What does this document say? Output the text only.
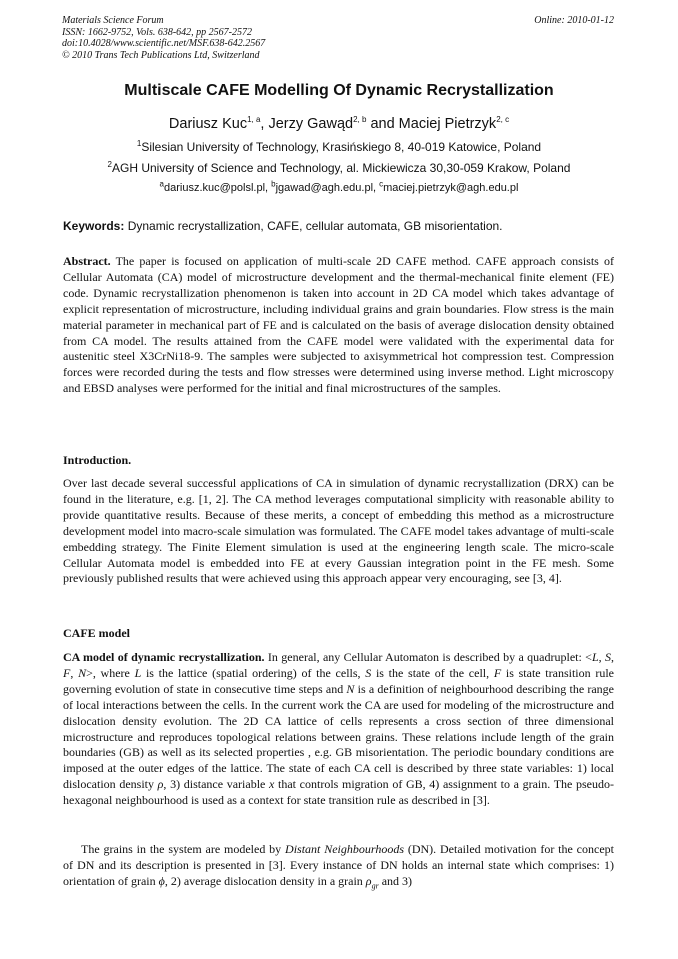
Materials Science Forum
ISSN: 1662-9752, Vols. 638-642, pp 2567-2572
doi:10.4028/www.scientific.net/MSF.638-642.2567
© 2010 Trans Tech Publications Ltd, Switzerland
Online: 2010-01-12
Multiscale CAFE Modelling Of Dynamic Recrystallization
Dariusz Kuc$^{1, a}$, Jerzy Gawąd$^{2, b}$ and Maciej Pietrzyk$^{2, c}$
$^1$Silesian University of Technology, Krasińskiego 8, 40-019 Katowice, Poland
$^2$AGH University of Science and Technology, al. Mickiewicza 30,30-059 Krakow, Poland
$^a$dariusz.kuc@polsl.pl, $^b$jgawad@agh.edu.pl, $^c$maciej.pietrzyk@agh.edu.pl
Keywords: Dynamic recrystallization, CAFE, cellular automata, GB misorientation.
Abstract. The paper is focused on application of multi-scale 2D CAFE method. CAFE approach consists of Cellular Automata (CA) model of microstructure development and the thermal-mechanical finite element (FE) code. Dynamic recrystallization phenomenon is taken into account in 2D CA model which takes advantage of explicit representation of microstructure, including individual grains and grain boundaries. Flow stress is the main material parameter in mechanical part of FE and is calculated on the basis of average dislocation density obtained from CA model. The results attained from the CAFE model were validated with the experimental data for austenitic steel X3CrNi18-9. The samples were subjected to axisymmetrical hot compression test. Compression forces were recorded during the tests and flow stresses were determined using inverse method. Light microscopy and EBSD analyses were performed for the initial and final microstructures of the samples.
Introduction.
Over last decade several successful applications of CA in simulation of dynamic recrystallization (DRX) can be found in the literature, e.g. [1, 2]. The CA method leverages computational simplicity with reasonable ability to provide quantitative results. Because of these merits, a concept of embedding this method as a microstructure development model into macro-scale simulation was formulated. The CAFE model takes advantage of multi-scale embedding strategy. The Finite Element simulation is used at the engineering length scale. The micro-scale Cellular Automata model is embedded into FE at every Gaussian integration point in the FE mesh. Some previously published results that were achieved using this approach appear very encouraging, see [3, 4].
CAFE model
CA model of dynamic recrystallization. In general, any Cellular Automaton is described by a quadruplet: <L, S, F, N>, where L is the lattice (spatial ordering) of the cells, S is the state of the cell, F is state transition rule governing evolution of state in consecutive time steps and N is a definition of neighbourhood describing the range of local interactions between the cells. In the current work the CA are used for modeling of the microstructure and dislocation density evolution. The 2D CA lattice of cells represents a cross section of three dimensional microstructure and reproduces topological relations between grains. These relations include length of the grain boundaries (GB) as well as its selected properties , e.g. GB misorientation. The periodic boundary conditions are imposed at the outer edges of the lattice. The state of each CA cell is described by three state variables: 1) local dislocation density ρ, 3) distance variable x that controls migration of GB, 4) assignment to a grain. The pseudo-hexagonal neighbourhood is used as a context for state transition rule as described in [3].
The grains in the system are modeled by Distant Neighbourhoods (DN). Detailed motivation for the concept of DN and its description is presented in [3]. Every instance of DN holds an internal state which comprises: 1) orientation of grain ϕ, 2) average dislocation density in a grain $\rho_{gr}$ and 3)
